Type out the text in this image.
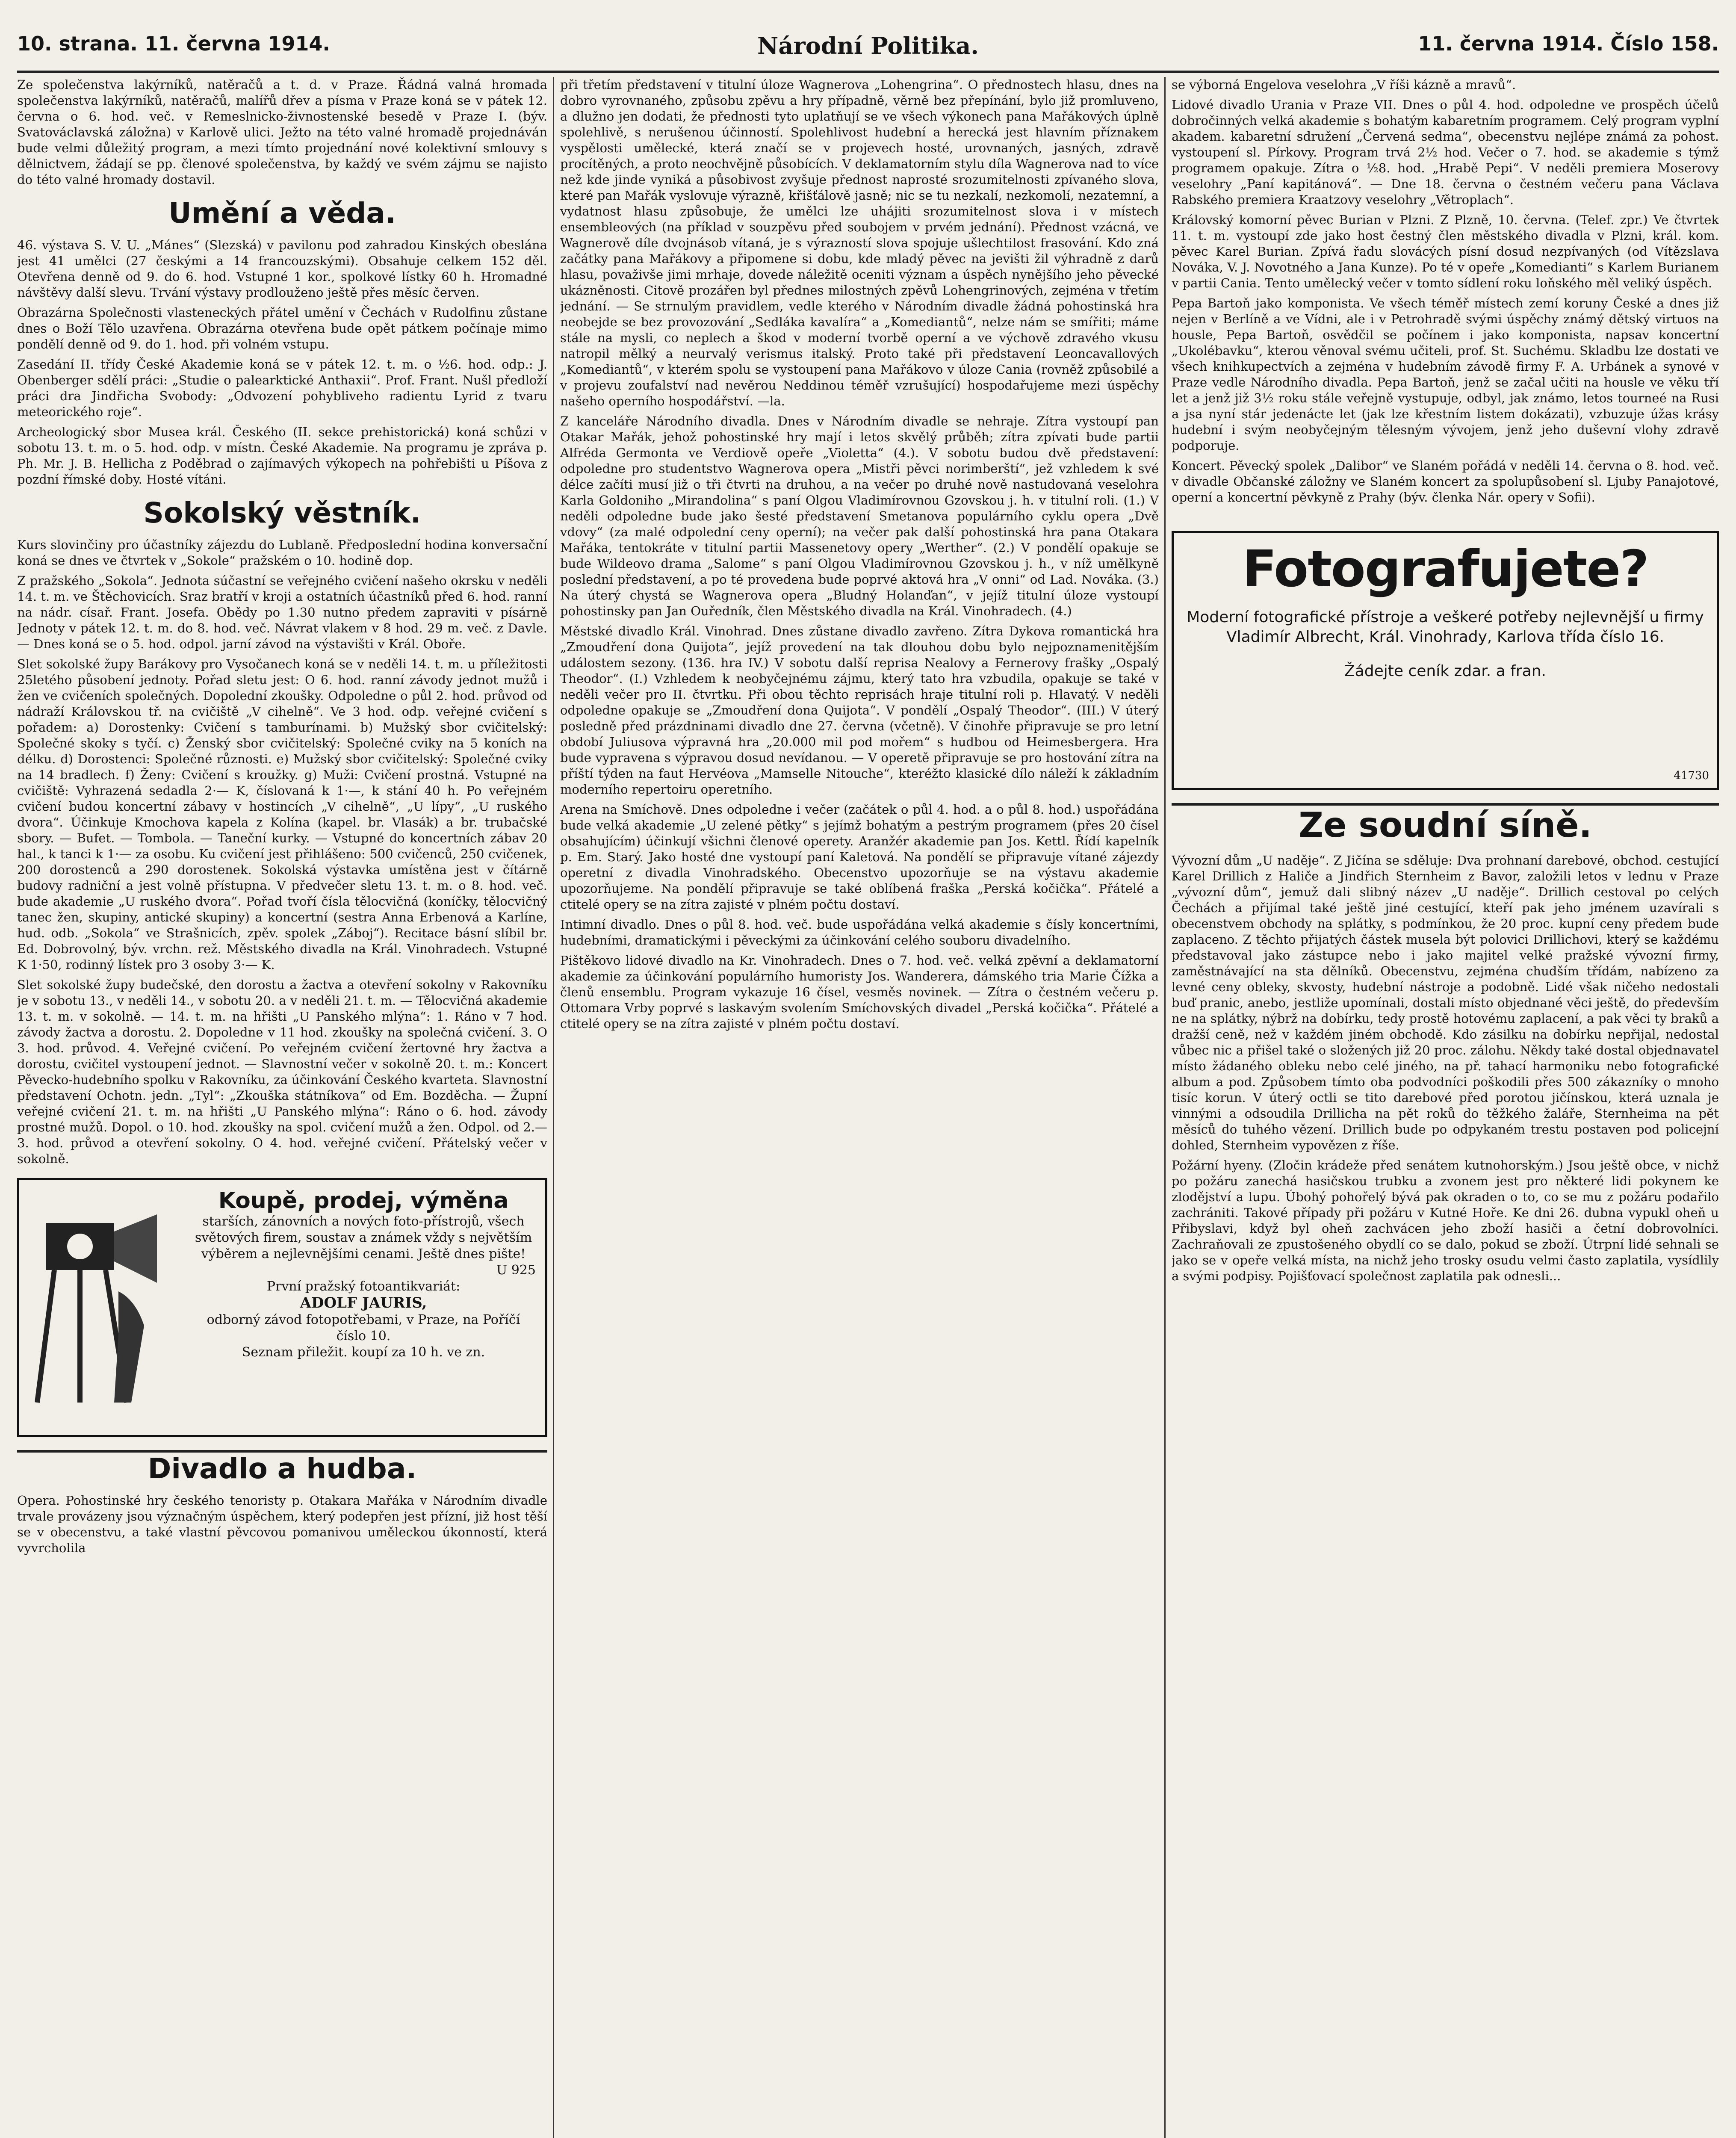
10. strana. 11. června 1914.	Národní Politika.	11. června 1914. Číslo 158.

Ze společenstva lakýrníků, natěračů a t. d. v Praze. Řádná valná hromada společenstva lakýrníků, natěračů, malířů dřev a písma v Praze koná se v pátek 12. června o 6. hod. več. v Remeslnicko-živnostenské besedě v Praze I. (býv. Svatováclavská záložna) v Karlově ulici. Ježto na této valné hromadě projednáván bude velmi důležitý program, a mezi tímto projednání nové kolektivní smlouvy s dělnictvem, žádají se pp. členové společenstva, by každý ve svém zájmu se najisto do této valné hromady dostavil.

Umění a věda.

46. výstava S. V. U. „Mánes“ (Slezská) v pavilonu pod zahradou Kinských obeslána jest 41 umělci (27 českými a 14 francouzskými). Obsahuje celkem 152 děl. Otevřena denně od 9. do 6. hod. Vstupné 1 kor., spolkové lístky 60 h. Hromadné návštěvy další slevu. Trvání výstavy prodlouženo ještě přes měsíc červen.

Obrazárna Společnosti vlasteneckých přátel umění v Čechách v Rudolfinu zůstane dnes o Boží Tělo uzavřena. Obrazárna otevřena bude opět pátkem počínaje mimo pondělí denně od 9. do 1. hod. při volném vstupu.

Zasedání II. třídy České Akademie koná se v pátek 12. t. m. o ½6. hod. odp.: J. Obenberger sdělí práci: „Studie o palearktické Anthaxii“. Prof. Frant. Nušl předloží práci dra Jindřicha Svobody: „Odvození pohybliveho radientu Lyrid z tvaru meteorického roje“.

Archeologický sbor Musea král. Českého (II. sekce prehistorická) koná schůzi v sobotu 13. t. m. o 5. hod. odp. v místn. České Akademie. Na programu je zpráva p. Ph. Mr. J. B. Hellicha z Poděbrad o zajímavých výkopech na pohřebišti u Píšova z pozdní římské doby. Hosté vítáni.

Sokolský věstník.

Kurs slovinčiny pro účastníky zájezdu do Lublaně. Předposlední hodina konversační koná se dnes ve čtvrtek v „Sokole“ pražském o 10. hodině dop.

Z pražského „Sokola“. Jednota súčastní se veřejného cvičení našeho okrsku v neděli 14. t. m. ve Štěchovicích. Sraz bratří v kroji a ostatních účastníků před 6. hod. ranní na nádr. císař. Frant. Josefa. Obědy po 1.30 nutno předem zapraviti v písárně Jednoty v pátek 12. t. m. do 8. hod. več. Návrat vlakem v 8 hod. 29 m. več. z Davle. — Dnes koná se o 5. hod. odpol. jarní závod na výstavišti v Král. Oboře.

Slet sokolské župy Barákovy pro Vysočanech koná se v neděli 14. t. m. u příležitosti 25letého působení jednoty. Pořad sletu jest: O 6. hod. ranní závody jednot mužů i žen ve cvičeních společných. Dopolední zkoušky. Odpoledne o půl 2. hod. průvod od nádraží Královskou tř. na cvičiště „V cihelně“. Ve 3 hod. odp. veřejné cvičení s pořadem: a) Dorostenky: Cvičení s tamburínami. b) Mužský sbor cvičitelský: Společné skoky s tyčí. c) Ženský sbor cvičitelský: Společné cviky na 5 koních na délku. d) Dorostenci: Společné různosti. e) Mužský sbor cvičitelský: Společné cviky na 14 bradlech. f) Ženy: Cvičení s kroužky. g) Muži: Cvičení prostná. Vstupné na cvičiště: Vyhrazená sedadla 2·— K, číslovaná k 1·—, k stání 40 h. Po veřejném cvičení budou koncertní zábavy v hostincích „V cihelně“, „U lípy“, „U ruského dvora“. Účinkuje Kmochova kapela z Kolína (kapel. br. Vlasák) a br. trubačské sbory. — Bufet. — Tombola. — Taneční kurky. — Vstupné do koncertních zábav 20 hal., k tanci k 1·— za osobu. Ku cvičení jest přihlášeno: 500 cvičenců, 250 cvičenek, 200 dorostenců a 290 dorostenek. Sokolská výstavka umístěna jest v čítárně budovy radniční a jest volně přístupna. V předvečer sletu 13. t. m. o 8. hod. več. bude akademie „U ruského dvora“. Pořad tvoří čísla tělocvičná (koníčky, tělocvičný tanec žen, skupiny, antické skupiny) a koncertní (sestra Anna Erbenová a Karlíne, hud. odb. „Sokola“ ve Strašnicích, zpěv. spolek „Záboj“). Recitace básní slíbil br. Ed. Dobrovolný, býv. vrchn. rež. Městského divadla na Král. Vinohradech. Vstupné K 1·50, rodinný lístek pro 3 osoby 3·— K.

Slet sokolské župy budečské, den dorostu a žactva a otevření sokolny v Rakovníku je v sobotu 13., v neděli 14., v sobotu 20. a v neděli 21. t. m. — Tělocvičná akademie 13. t. m. v sokolně. — 14. t. m. na hřišti „U Panského mlýna“: 1. Ráno v 7 hod. závody žactva a dorostu. 2. Dopoledne v 11 hod. zkoušky na společná cvičení. 3. O 3. hod. průvod. 4. Veřejné cvičení. Po veřejném cvičení žertovné hry žactva a dorostu, cvičitel vystoupení jednot. — Slavnostní večer v sokolně 20. t. m.: Koncert Pěvecko-hudebního spolku v Rakovníku, za účinkování Českého kvarteta. Slavnostní představení Ochotn. jedn. „Tyl“: „Zkouška státníkova“ od Em. Bozděcha. — Župní veřejné cvičení 21. t. m. na hřišti „U Panského mlýna“: Ráno o 6. hod. závody prostné mužů. Dopol. o 10. hod. zkoušky na spol. cvičení mužů a žen. Odpol. od 2.—3. hod. průvod a otevření sokolny. O 4. hod. veřejné cvičení. Přátelský večer v sokolně.

Koupě, prodej, výměna
starších, zánovních a nových foto-přístrojů, všech světových firem, soustav a známek vždy s největším výběrem a nejlevnějšími cenami. Ještě dnes pište!
U 925
První pražský fotoantikvariát:
ADOLF JAURIS,
odborný závod fotopotřebami, v Praze, na Poříčí číslo 10.
Seznam přiležit. koupí za 10 h. ve zn.
Divadlo a hudba.

Opera. Pohostinské hry českého tenoristy p. Otakara Mařáka v Národním divadle trvale provázeny jsou význačným úspěchem, který podepřen jest přízní, již host těší se v obecenstvu, a také vlastní pěvcovou pomanivou uměleckou úkonností, která vyvrcholila

při třetím představení v titulní úloze Wagnerova „Lohengrina“. O přednostech hlasu, dnes na dobro vyrovnaného, způsobu zpěvu a hry případně, věrně bez přepínání, bylo již promluveno, a dlužno jen dodati, že přednosti tyto uplatňují se ve všech výkonech pana Mařákových úplně spolehlivě, s nerušenou účinností. Spolehlivost hudební a herecká jest hlavním příznakem vyspělosti umělecké, která značí se v projevech hosté, urovnaných, jasných, zdravě procítěných, a proto neochvějně působících. V deklamatorním stylu díla Wagnerova nad to více než kde jinde vyniká a působivost zvyšuje přednost naprosté srozumitelnosti zpívaného slova, které pan Mařák vyslovuje výrazně, křišťálově jasně; nic se tu nezkalí, nezkomolí, nezatemní, a vydatnost hlasu způsobuje, že umělci lze uhájiti srozumitelnost slova i v místech ensembleových (na příklad v souzpěvu před soubojem v prvém jednání). Přednost vzácná, ve Wagnerově díle dvojnásob vítaná, je s výrazností slova spojuje ušlechtilost frasování. Kdo zná začátky pana Mařákovy a připomene si dobu, kde mladý pěvec na jevišti žil výhradně z darů hlasu, považivše jimi mrhaje, dovede náležitě oceniti význam a úspěch nynějšího jeho pěvecké ukázněnosti. Citově prozářen byl přednes milostných zpěvů Lohengrinových, zejména v třetím jednání. — Se strnulým pravidlem, vedle kterého v Národním divadle žádná pohostinská hra neobejde se bez provozování „Sedláka kavalíra“ a „Komediantů“, nelze nám se smířiti; máme stále na mysli, co neplech a škod v moderní tvorbě operní a ve výchově zdravého vkusu natropil mělký a neurvalý verismus italský. Proto také při představení Leoncavallových „Komediantů“, v kterém spolu se vystoupení pana Mařákovo v úloze Cania (rovněž způsobilé a v projevu zoufalství nad nevěrou Neddinou téměř vzrušující) hospodařujeme mezi úspěchy našeho operního hospodářství. —la.

Z kanceláře Národního divadla. Dnes v Národním divadle se nehraje. Zítra vystoupí pan Otakar Mařák, jehož pohostinské hry mají i letos skvělý průběh; zítra zpívati bude partii Alfréda Germonta ve Verdiově opeře „Violetta“ (4.). V sobotu budou dvě představení: odpoledne pro studentstvo Wagnerova opera „Mistři pěvci norimberští“, jež vzhledem k své délce začíti musí již o tři čtvrti na druhou, a na večer po druhé nově nastudovaná veselohra Karla Goldoniho „Mirandolina“ s paní Olgou Vladimírovnou Gzovskou j. h. v titulní roli. (1.) V neděli odpoledne bude jako šesté představení Smetanova populárního cyklu opera „Dvě vdovy“ (za malé odpolední ceny operní); na večer pak další pohostinská hra pana Otakara Mařáka, tentokráte v titulní partii Massenetovy opery „Werther“. (2.) V pondělí opakuje se bude Wildeovo drama „Salome“ s paní Olgou Vladimírovnou Gzovskou j. h., v níž umělkyně poslední představení, a po té provedena bude poprvé aktová hra „V onni“ od Lad. Nováka. (3.) Na úterý chystá se Wagnerova opera „Bludný Holanďan“, v jejíž titulní úloze vystoupí pohostinsky pan Jan Ouředník, člen Městského divadla na Král. Vinohradech. (4.)

Městské divadlo Král. Vinohrad. Dnes zůstane divadlo zavřeno. Zítra Dykova romantická hra „Zmoudření dona Quijota“, jejíž provedení na tak dlouhou dobu bylo nejpoznamenitějším událostem sezony. (136. hra IV.) V sobotu další reprisa Nealovy a Fernerovy frašky „Ospalý Theodor“. (I.) Vzhledem k neobyčejnému zájmu, který tato hra vzbudila, opakuje se také v neděli večer pro II. čtvrtku. Při obou těchto reprisách hraje titulní roli p. Hlavatý. V neděli odpoledne opakuje se „Zmoudření dona Quijota“. V pondělí „Ospalý Theodor“. (III.) V úterý posledně před prázdninami divadlo dne 27. června (včetně). V činohře připravuje se pro letní období Juliusova výpravná hra „20.000 mil pod mořem“ s hudbou od Heimesbergera. Hra bude vypravena s výpravou dosud nevídanou. — V operetě připravuje se pro hostování zítra na příští týden na faut Hervéova „Mamselle Nitouche“, kteréžto klasické dílo náleží k základním moderního repertoiru operetního.

Arena na Smíchově. Dnes odpoledne i večer (začátek o půl 4. hod. a o půl 8. hod.) uspořádána bude velká akademie „U zelené pětky“ s jejímž bohatým a pestrým programem (přes 20 čísel obsahujícím) účinkují všichni členové operety. Aranžér akademie pan Jos. Kettl. Řídí kapelník p. Em. Starý. Jako hosté dne vystoupí paní Kaletová. Na pondělí se připravuje vítané zájezdy operetní z divadla Vinohradského. Obecenstvo upozorňuje se na výstavu akademie upozorňujeme. Na pondělí připravuje se také oblíbená fraška „Perská kočička“. Přátelé a ctitelé opery se na zítra zajisté v plném počtu dostaví.

Intimní divadlo. Dnes o půl 8. hod. več. bude uspořádána velká akademie s čísly koncertními, hudebními, dramatickými i pěveckými za účinkování celého souboru divadelního.

Pištěkovo lidové divadlo na Kr. Vinohradech. Dnes o 7. hod. več. velká zpěvní a deklamatorní akademie za účinkování populárního humoristy Jos. Wanderera, dámského tria Marie Čížka a členů ensemblu. Program vykazuje 16 čísel, vesměs novinek. — Zítra o čestném večeru p. Ottomara Vrby poprvé s laskavým svolením Smíchovských divadel „Perská kočička“. Přátelé a ctitelé opery se na zítra zajisté v plném počtu dostaví.

se výborná Engelova veselohra „V říši kázně a mravů“.

Lidové divadlo Urania v Praze VII. Dnes o půl 4. hod. odpoledne ve prospěch účelů dobročinných velká akademie s bohatým kabaretním programem. Celý program vyplní akadem. kabaretní sdružení „Červená sedma“, obecenstvu nejlépe známá za pohost. vystoupení sl. Pírkovy. Program trvá 2½ hod. Večer o 7. hod. se akademie s týmž programem opakuje. Zítra o ½8. hod. „Hrabě Pepi“. V neděli premiera Moserovy veselohry „Paní kapitánová“. — Dne 18. června o čestném večeru pana Václava Rabského premiera Kraatzovy veselohry „Větroplach“.

Královský komorní pěvec Burian v Plzni. Z Plzně, 10. června. (Telef. zpr.) Ve čtvrtek 11. t. m. vystoupí zde jako host čestný člen městského divadla v Plzni, král. kom. pěvec Karel Burian. Zpívá řadu slovácých písní dosud nezpívaných (od Vítězslava Nováka, V. J. Novotného a Jana Kunze). Po té v opeře „Komedianti“ s Karlem Burianem v partii Cania. Tento umělecký večer v tomto sídlení roku loňského měl veliký úspěch.

Pepa Bartoň jako komponista. Ve všech téměř místech zemí koruny České a dnes již nejen v Berlíně a ve Vídni, ale i v Petrohradě svými úspěchy známý dětský virtuos na housle, Pepa Bartoň, osvědčil se počínem i jako komponista, napsav koncertní „Ukolébavku“, kterou věnoval svému učiteli, prof. St. Suchému. Skladbu lze dostati ve všech knihkupectvích a zejména v hudebním závodě firmy F. A. Urbánek a synové v Praze vedle Národního divadla. Pepa Bartoň, jenž se začal učiti na housle ve věku tří let a jenž již 3½ roku stále veřejně vystupuje, odbyl, jak známo, letos tourneé na Rusi a jsa nyní stár jedenácte let (jak lze křestním listem dokázati), vzbuzuje úžas krásy hudební i svým neobyčejným tělesným vývojem, jenž jeho duševní vlohy zdravě podporuje.

Koncert. Pěvecký spolek „Dalibor“ ve Slaném pořádá v neděli 14. června o 8. hod. več. v divadle Občanské záložny ve Slaném koncert za spolupůsobení sl. Ljuby Panajotové, operní a koncertní pěvkyně z Prahy (býv. členka Nár. opery v Sofii).

Fotografujete?
Moderní fotografické přístroje a veškeré potřeby nejlevnější u firmy Vladimír Albrecht, Král. Vinohrady, Karlova třída číslo 16.
Žádejte ceník zdar. a fran.
41730
Ze soudní síně.

Vývozní dům „U naděje“. Z Jičína se sděluje: Dva prohnaní darebové, obchod. cestující Karel Drillich z Haliče a Jindřich Sternheim z Bavor, založili letos v lednu v Praze „vývozní dům“, jemuž dali slibný název „U naděje“. Drillich cestoval po celých Čechách a přijímal také ještě jiné cestující, kteří pak jeho jménem uzavírali s obecenstvem obchody na splátky, s podmínkou, že 20 proc. kupní ceny předem bude zaplaceno. Z těchto přijatých částek musela být polovici Drillichovi, který se každému představoval jako zástupce nebo i jako majitel velké pražské vývozní firmy, zaměstnávající na sta dělníků. Obecenstvu, zejména chudším třídám, nabízeno za levné ceny obleky, skvosty, hudební nástroje a podobně. Lidé však ničeho nedostali buď pranic, anebo, jestliže upomínali, dostali místo objednané věci ještě, do především ne na splátky, nýbrž na dobírku, tedy prostě hotovému zaplacení, a pak věci ty braků a dražší ceně, než v každém jiném obchodě. Kdo zásilku na dobírku nepřijal, nedostal vůbec nic a přišel také o složených již 20 proc. zálohu. Někdy také dostal objednavatel místo žádaného obleku nebo celé jiného, na př. tahací harmoniku nebo fotografické album a pod. Způsobem tímto oba podvodníci poškodili přes 500 zákazníky o mnoho tisíc korun. V úterý octli se tito darebové před porotou jičínskou, která uznala je vinnými a odsoudila Drillicha na pět roků do těžkého žaláře, Sternheima na pět měsíců do tuhého vězení. Drillich bude po odpykaném trestu postaven pod policejní dohled, Sternheim vypovězen z říše.

Požární hyeny. (Zločin krádeže před senátem kutnohorským.) Jsou ještě obce, v nichž po požáru zanechá hasičskou trubku a zvonem jest pro některé lidi pokynem ke zlodějství a lupu. Úbohý pohořelý bývá pak okraden o to, co se mu z požáru podařilo zachrániti. Takové případy při požáru v Kutné Hoře. Ke dni 26. dubna vypukl oheň u Přibyslavi, když byl oheň zachvácen jeho zboží hasiči a četní dobrovolníci. Zachraňovali ze zpustošeného obydlí co se dalo, pokud se zboží. Útrpní lidé sehnali se jako se v opeře velká místa, na nichž jeho trosky osudu velmi často zaplatila, vysídlily a svými podpisy. Pojišťovací společnost zaplatila pak odnesli...
